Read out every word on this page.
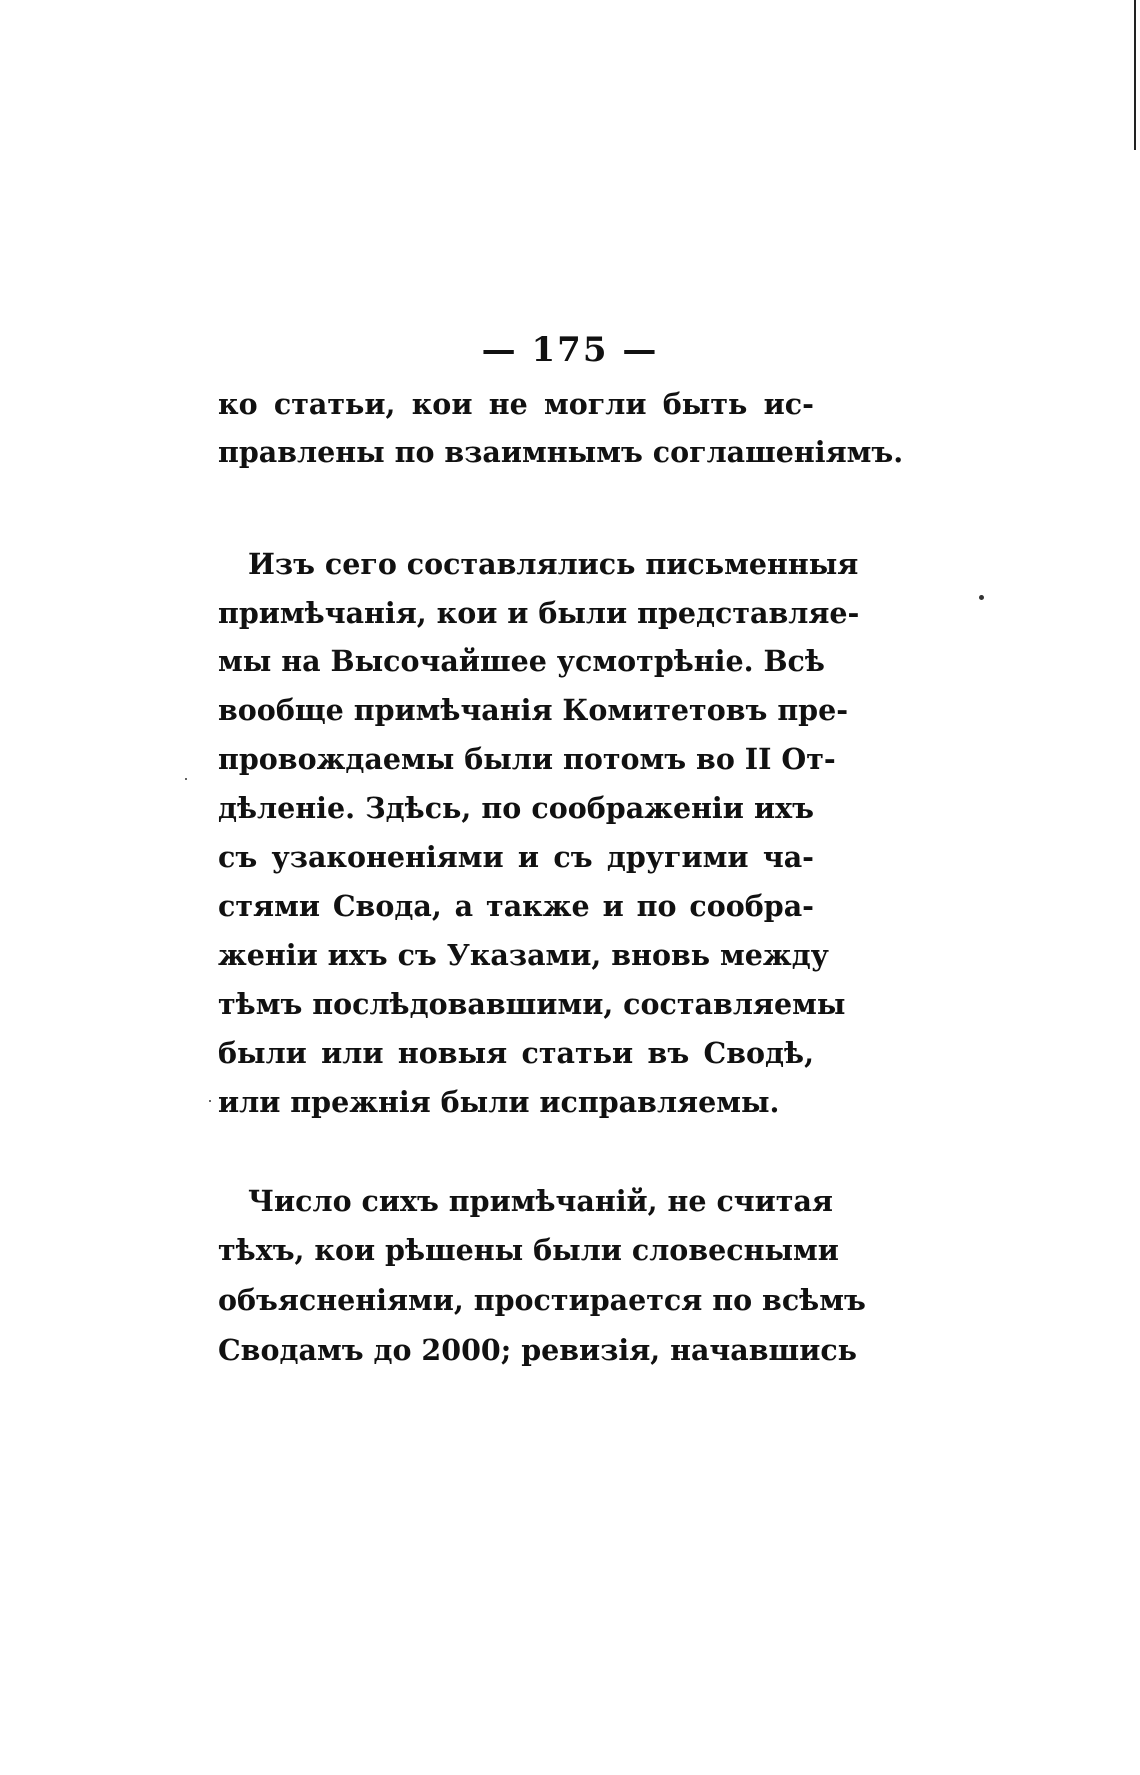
— 175 —
ко статьи, кои не могли быть ис-
правлены по взаимнымъ соглашеніямъ.
Изъ сего составлялись письменныя
примѣчанія, кои и были представляе-
мы на Высочайшее усмотрѣніе. Всѣ
вообще примѣчанія Комитетовъ пре-
провождаемы были потомъ во II От-
дѣленіе. Здѣсь, по соображеніи ихъ
съ узаконеніями и съ другими ча-
стями Свода, а также и по сообра-
женіи ихъ съ Указами, вновь между
тѣмъ послѣдовавшими, составляемы
были или новыя статьи въ Сводѣ,
или прежнія были исправляемы.
Число сихъ примѣчаній, не считая
тѣхъ, кои рѣшены были словесными
объясненіями, простирается по всѣмъ
Сводамъ до 2000; ревизія, начавшись
